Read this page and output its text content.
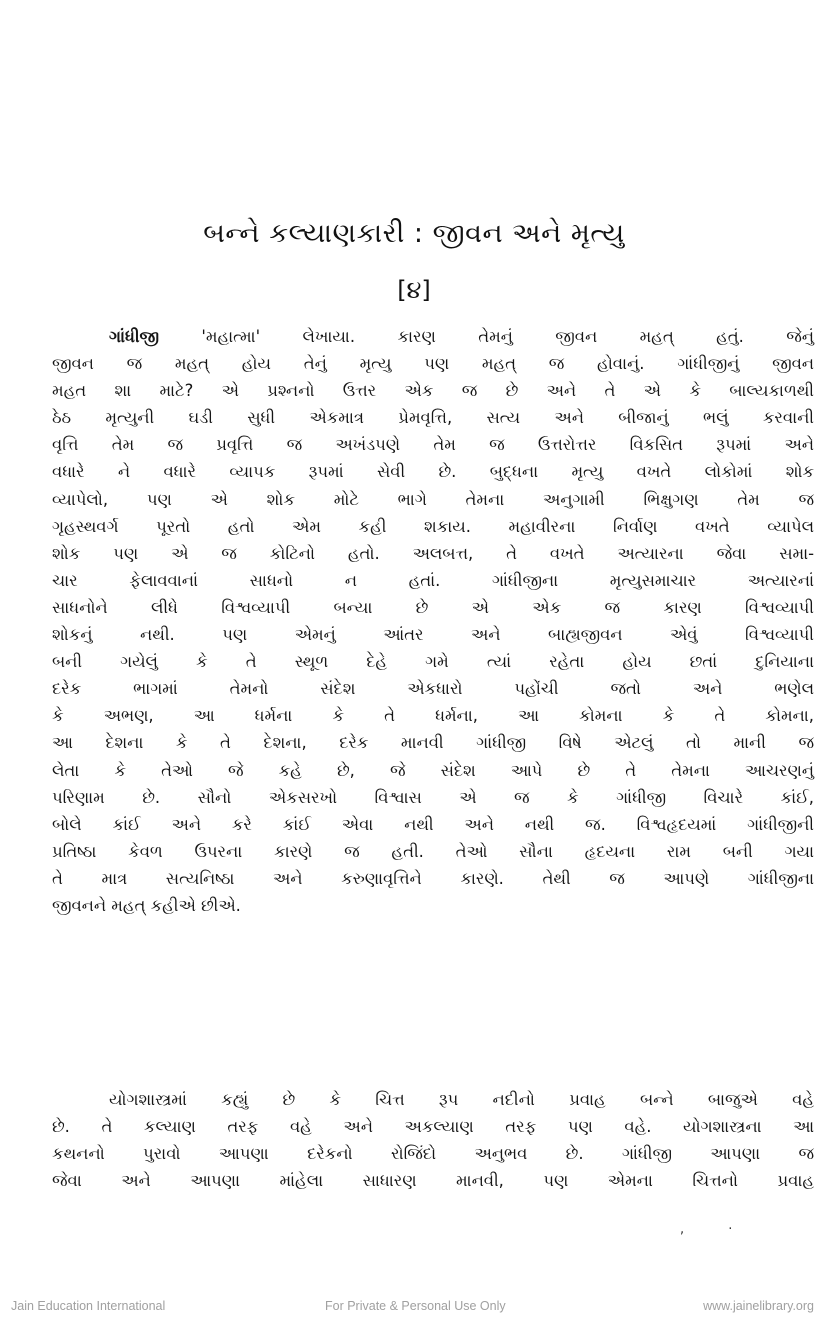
બન્ને કલ્યાણકારી : જીવન અને મૃત્યુ
[૪]
ગાંધીજી 'મહાત્મા' લેખાયા. કારણ તેમનું જીવન મહત્ હતું. જેનું
જીવન જ મહત્ હોય તેનું મૃત્યુ પણ મહત્ જ હોવાનું. ગાંધીજીનું જીવન
મહત શા માટે? એ પ્રશ્નનો ઉત્તર એક જ છે અને તે એ કે બાલ્યકાળથી
ઠેઠ મૃત્યુની ઘડી સુધી એકમાત્ર પ્રેમવૃત્તિ, સત્ય અને બીજાનું ભલું કરવાની
વૃત્તિ તેમ જ પ્રવૃત્તિ જ અખંડપણે તેમ જ ઉત્તરોત્તર વિકસિત રૂપમાં અને
વધારે ને વધારે વ્યાપક રૂપમાં સેવી છે. બુદ્ધના મૃત્યુ વખતે લોકોમાં શોક
વ્યાપેલો, પણ એ શોક મોટે ભાગે તેમના અનુગામી ભિક્ષુગણ તેમ જ
ગૃહસ્થવર્ગ પૂરતો હતો એમ કહી શકાય. મહાવીરના નિર્વાણ વખતે વ્યાપેલ
શોક પણ એ જ કોટિનો હતો. અલબત્ત, તે વખતે અત્યારના જેવા સમા-
ચાર ફેલાવવાનાં સાધનો ન હતાં. ગાંધીજીના મૃત્યુસમાચાર અત્યારનાં
સાધનોને લીધે વિશ્વવ્યાપી બન્યા છે એ એક જ કારણ વિશ્વવ્યાપી
શોકનું નથી. પણ એમનું આંતર અને બાહ્યજીવન એવું વિશ્વવ્યાપી
બની ગયેલું કે તે સ્થૂળ દેહે ગમે ત્યાં રહેતા હોય છતાં દુનિયાના
દરેક ભાગમાં તેમનો સંદેશ એકધારો પહોંચી જતો અને ભણેલ
કે અભણ, આ ધર્મના કે તે ધર્મના, આ કોમના કે તે કોમના,
આ દેશના કે તે દેશના, દરેક માનવી ગાંધીજી વિષે એટલું તો માની જ
લેતા કે તેઓ જે કહે છે, જે સંદેશ આપે છે તે તેમના આચરણનું
પરિણામ છે. સૌનો એકસરખો વિશ્વાસ એ જ કે ગાંધીજી વિચારે કાંઈ,
બોલે કાંઈ અને કરે કાંઈ એવા નથી અને નથી જ. વિશ્વહૃદયમાં ગાંધીજીની
પ્રતિષ્ઠા કેવળ ઉપરના કારણે જ હતી. તેઓ સૌના હૃદયના રામ બની ગયા
તે માત્ર સત્યનિષ્ઠા અને કરુણાવૃત્તિને કારણે. તેથી જ આપણે ગાંધીજીના
જીવનને મહત્ કહીએ છીએ.
યોગશાસ્ત્રમાં કહ્યું છે કે ચિત્ત રૂપ નદીનો પ્રવાહ બન્ને બાજુએ વહે
છે. તે કલ્યાણ તરફ વહે અને અકલ્યાણ તરફ પણ વહે. યોગશાસ્ત્રના આ
કથનનો પુરાવો આપણા દરેકનો રોજિંદો અનુભવ છે. ગાંધીજી આપણા જ
જેવા અને આપણા માંહેલા સાધારણ માનવી, પણ એમના ચિત્તનો પ્રવાહ
, ·
Jain Education International	For Private & Personal Use Only	www.jainelibrary.org
